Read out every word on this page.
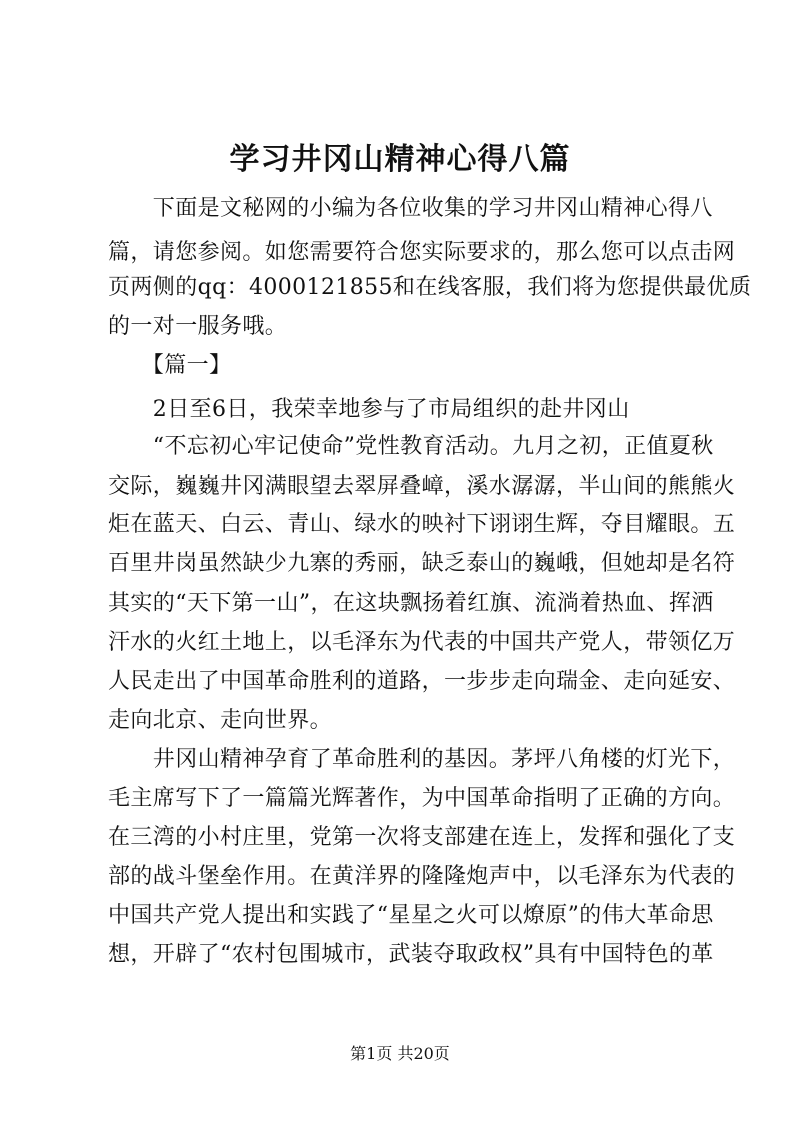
学习井冈山精神心得八篇
　　下面是文秘网的小编为各位收集的学习井冈山精神心得八
篇，请您参阅。如您需要符合您实际要求的，那么您可以点击网
页两侧的qq：4000121855和在线客服，我们将为您提供最优质
的一对一服务哦。
　　【篇一】
　　2日至6日，我荣幸地参与了市局组织的赴井冈山
　　“不忘初心牢记使命”党性教育活动。九月之初，正值夏秋
交际，巍巍井冈满眼望去翠屏叠嶂，溪水潺潺，半山间的熊熊火
炬在蓝天、白云、青山、绿水的映衬下诩诩生辉，夺目耀眼。五
百里井岗虽然缺少九寨的秀丽，缺乏泰山的巍峨，但她却是名符
其实的“天下第一山”，在这块飘扬着红旗、流淌着热血、挥洒
汗水的火红土地上，以毛泽东为代表的中国共产党人，带领亿万
人民走出了中国革命胜利的道路，一步步走向瑞金、走向延安、
走向北京、走向世界。
　　井冈山精神孕育了革命胜利的基因。茅坪八角楼的灯光下，
毛主席写下了一篇篇光辉著作，为中国革命指明了正确的方向。
在三湾的小村庄里，党第一次将支部建在连上，发挥和强化了支
部的战斗堡垒作用。在黄洋界的隆隆炮声中，以毛泽东为代表的
中国共产党人提出和实践了“星星之火可以燎原”的伟大革命思
想，开辟了“农村包围城市，武装夺取政权”具有中国特色的革
第1页 共20页
